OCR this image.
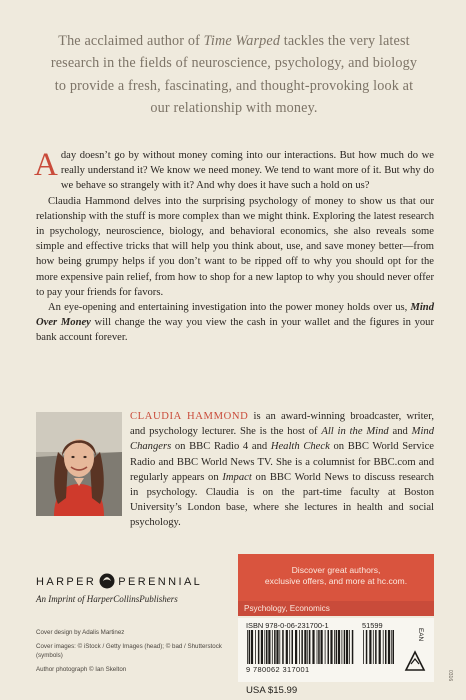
The acclaimed author of Time Warped tackles the very latest research in the fields of neuroscience, psychology, and biology to provide a fresh, fascinating, and thought-provoking look at our relationship with money.

A day doesn’t go by without money coming into our interactions. But how much do we really understand it? We know we need money. We tend to want more of it. But why do we behave so strangely with it? And why does it have such a hold on us?

Claudia Hammond delves into the surprising psychology of money to show us that our relationship with the stuff is more complex than we might think. Exploring the latest research in psychology, neuroscience, biology, and behavioral economics, she also reveals some simple and effective tricks that will help you think about, use, and save money better—from how being grumpy helps if you don’t want to be ripped off to why you should opt for the more expensive pain relief, from how to shop for a new laptop to why you should never offer to pay your friends for favors.

An eye-opening and entertaining investigation into the power money holds over us, Mind Over Money will change the way you view the cash in your wallet and the figures in your bank account forever.

CLAUDIA HAMMOND is an award-winning broadcaster, writer, and psychology lecturer. She is the host of All in the Mind and Mind Changers on BBC Radio 4 and Health Check on BBC World Service Radio and BBC World News TV. She is a columnist for BBC.com and regularly appears on Impact on BBC World News to discuss research in psychology. Claudia is on the part-time faculty at Boston University’s London base, where she lectures in health and social psychology.
HARPER PERENNIAL
An Imprint of HarperCollinsPublishers
Cover design by Adalis Martinez
Cover images: © iStock / Getty Images (head); © bad / Shutterstock (symbols)
Author photograph © Ian Skelton
Discover great authors,
exclusive offers, and more at hc.com.
Psychology, Economics
ISBN 978-0-06-231700-1	51599
EAN
9 780062 317001
USA $15.99
0316
